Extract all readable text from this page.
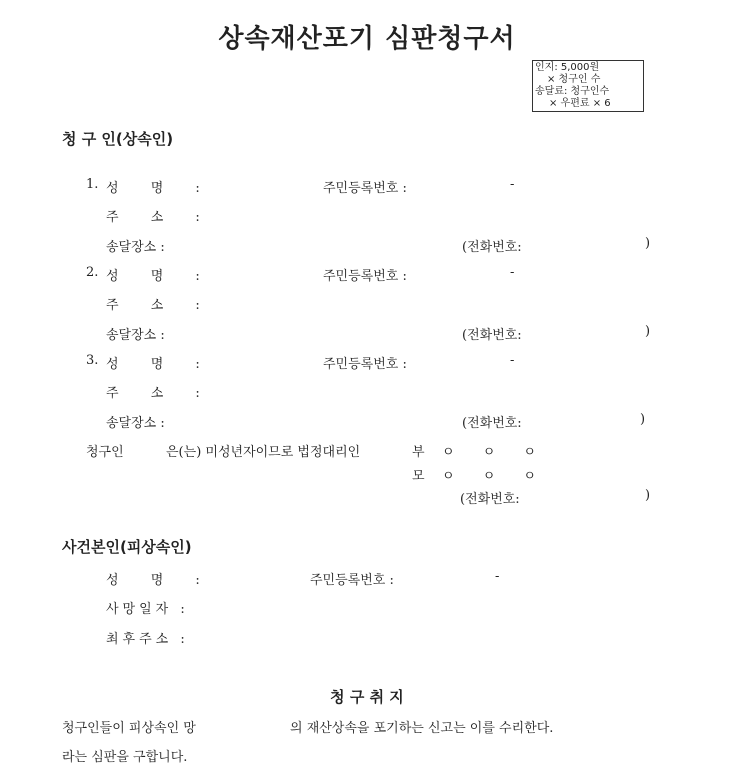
상속재산포기 심판청구서
인지: 5,000원
× 청구인 수
송달료: 청구인수
× 우편료 × 6
청 구 인(상속인)
1. 성 명 :	주민등록번호 :	-
주 소 :
송달장소 :	(전화번호:	)
2. 성 명 :	주민등록번호 :	-
주 소 :
송달장소 :	(전화번호:	)
3. 성 명 :	주민등록번호 :	-
주 소 :
송달장소 :	(전화번호:	)
청구인	은(는) 미성년자이므로 법정대리인	부 ㅇ ㅇ ㅇ
모 ㅇ ㅇ ㅇ
(전화번호:	)
사건본인(피상속인)
성 명 :	주민등록번호 :	-
사망일자 :
최후주소 :
청 구 취 지
청구인들이 피상속인 망	의 재산상속을 포기하는 신고는 이를 수리한다.
라는 심판을 구합니다.
